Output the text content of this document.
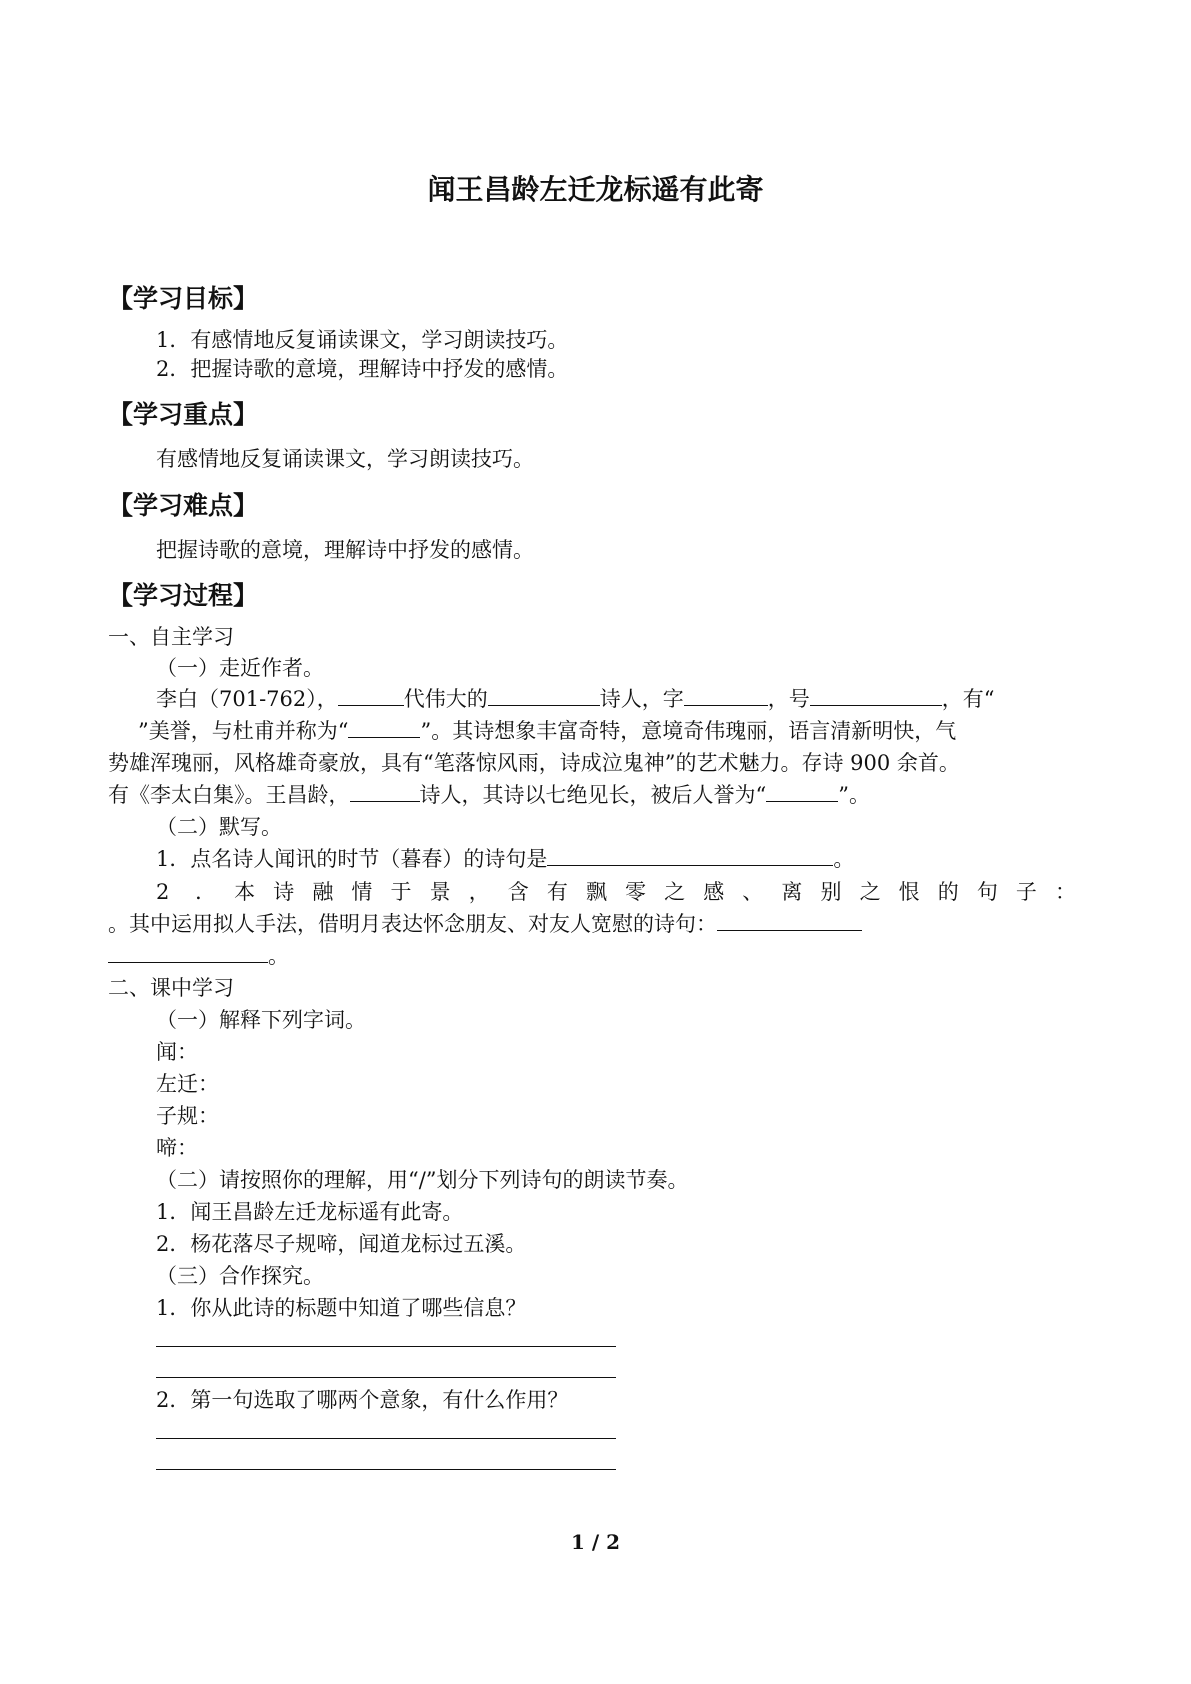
闻王昌龄左迁龙标遥有此寄
【学习目标】
1．有感情地反复诵读课文，学习朗读技巧。
2．把握诗歌的意境，理解诗中抒发的感情。
【学习重点】
有感情地反复诵读课文，学习朗读技巧。
【学习难点】
把握诗歌的意境，理解诗中抒发的感情。
【学习过程】
一、自主学习
（一）走近作者。
李白（701-762），	代伟大的	诗人，字	，号	，有“
”美誉，与杜甫并称为“	”。其诗想象丰富奇特，意境奇伟瑰丽，语言清新明快，气
势雄浑瑰丽，风格雄奇豪放，具有“笔落惊风雨，诗成泣鬼神”的艺术魅力。存诗 900 余首。
有《李太白集》。王昌龄，	诗人，其诗以七绝见长，被后人誉为“	”。
（二）默写。
1．点名诗人闻讯的时节（暮春）的诗句是	。
2 ． 本 诗 融 情 于 景 ， 含 有 飘 零 之 感 、 离 别 之 恨 的 句 子 ：
。其中运用拟人手法，借明月表达怀念朋友、对友人宽慰的诗句：
。
二、课中学习
（一）解释下列字词。
闻：
左迁：
子规：
啼：
（二）请按照你的理解，用“/”划分下列诗句的朗读节奏。
1．闻王昌龄左迁龙标遥有此寄。
2．杨花落尽子规啼，闻道龙标过五溪。
（三）合作探究。
1．你从此诗的标题中知道了哪些信息？
2．第一句选取了哪两个意象，有什么作用？
1 / 2
